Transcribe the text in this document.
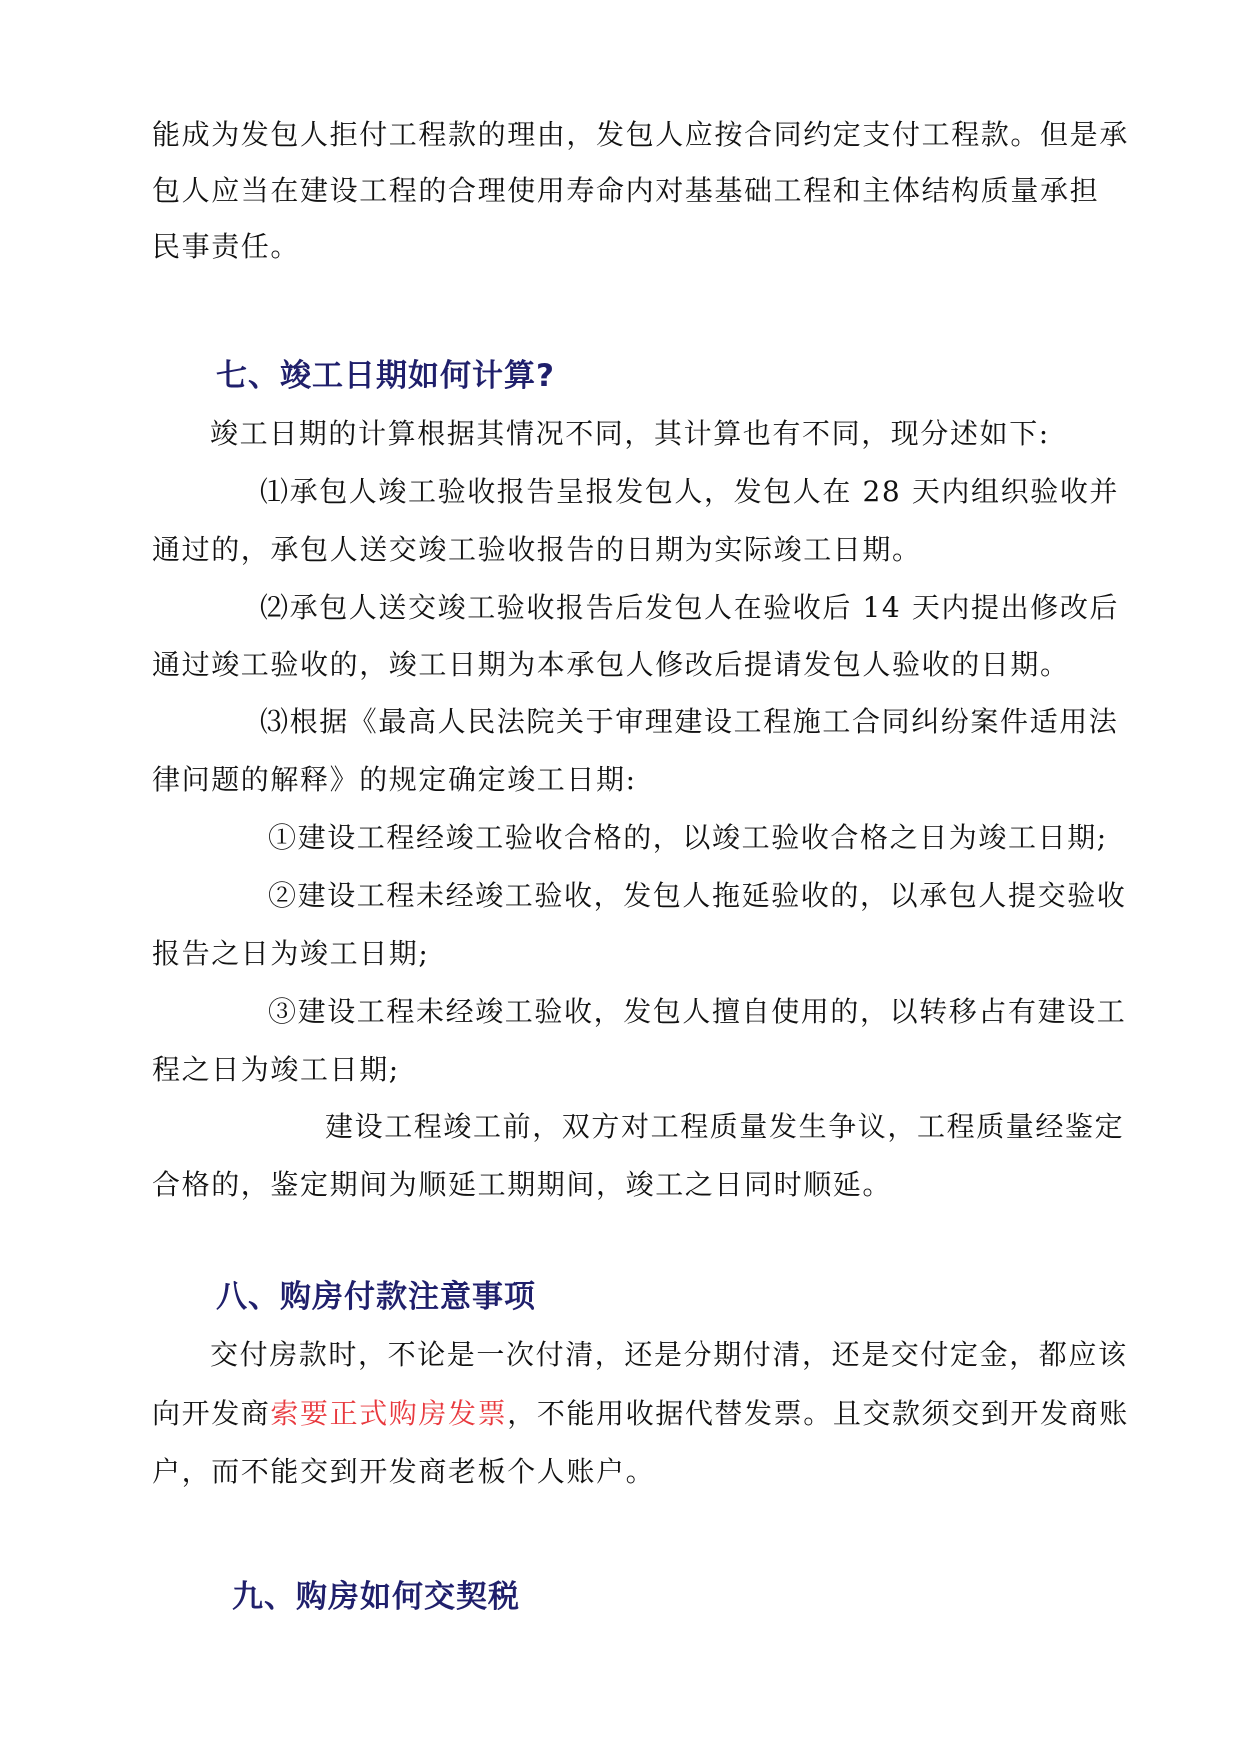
能成为发包人拒付工程款的理由，发包人应按合同约定支付工程款。但是承
包人应当在建设工程的合理使用寿命内对基基础工程和主体结构质量承担
民事责任。
七、竣工日期如何计算?
竣工日期的计算根据其情况不同，其计算也有不同，现分述如下:
⑴承包人竣工验收报告呈报发包人，发包人在 28 天内组织验收并
通过的，承包人送交竣工验收报告的日期为实际竣工日期。
⑵承包人送交竣工验收报告后发包人在验收后 14 天内提出修改后
通过竣工验收的，竣工日期为本承包人修改后提请发包人验收的日期。
⑶根据《最高人民法院关于审理建设工程施工合同纠纷案件适用法
律问题的解释》的规定确定竣工日期:
①建设工程经竣工验收合格的，以竣工验收合格之日为竣工日期;
②建设工程未经竣工验收，发包人拖延验收的，以承包人提交验收
报告之日为竣工日期;
③建设工程未经竣工验收，发包人擅自使用的，以转移占有建设工
程之日为竣工日期;
建设工程竣工前，双方对工程质量发生争议，工程质量经鉴定
合格的，鉴定期间为顺延工期期间，竣工之日同时顺延。
八、购房付款注意事项
交付房款时，不论是一次付清，还是分期付清，还是交付定金，都应该
向开发商索要正式购房发票，不能用收据代替发票。且交款须交到开发商账
户，而不能交到开发商老板个人账户。
九、购房如何交契税
